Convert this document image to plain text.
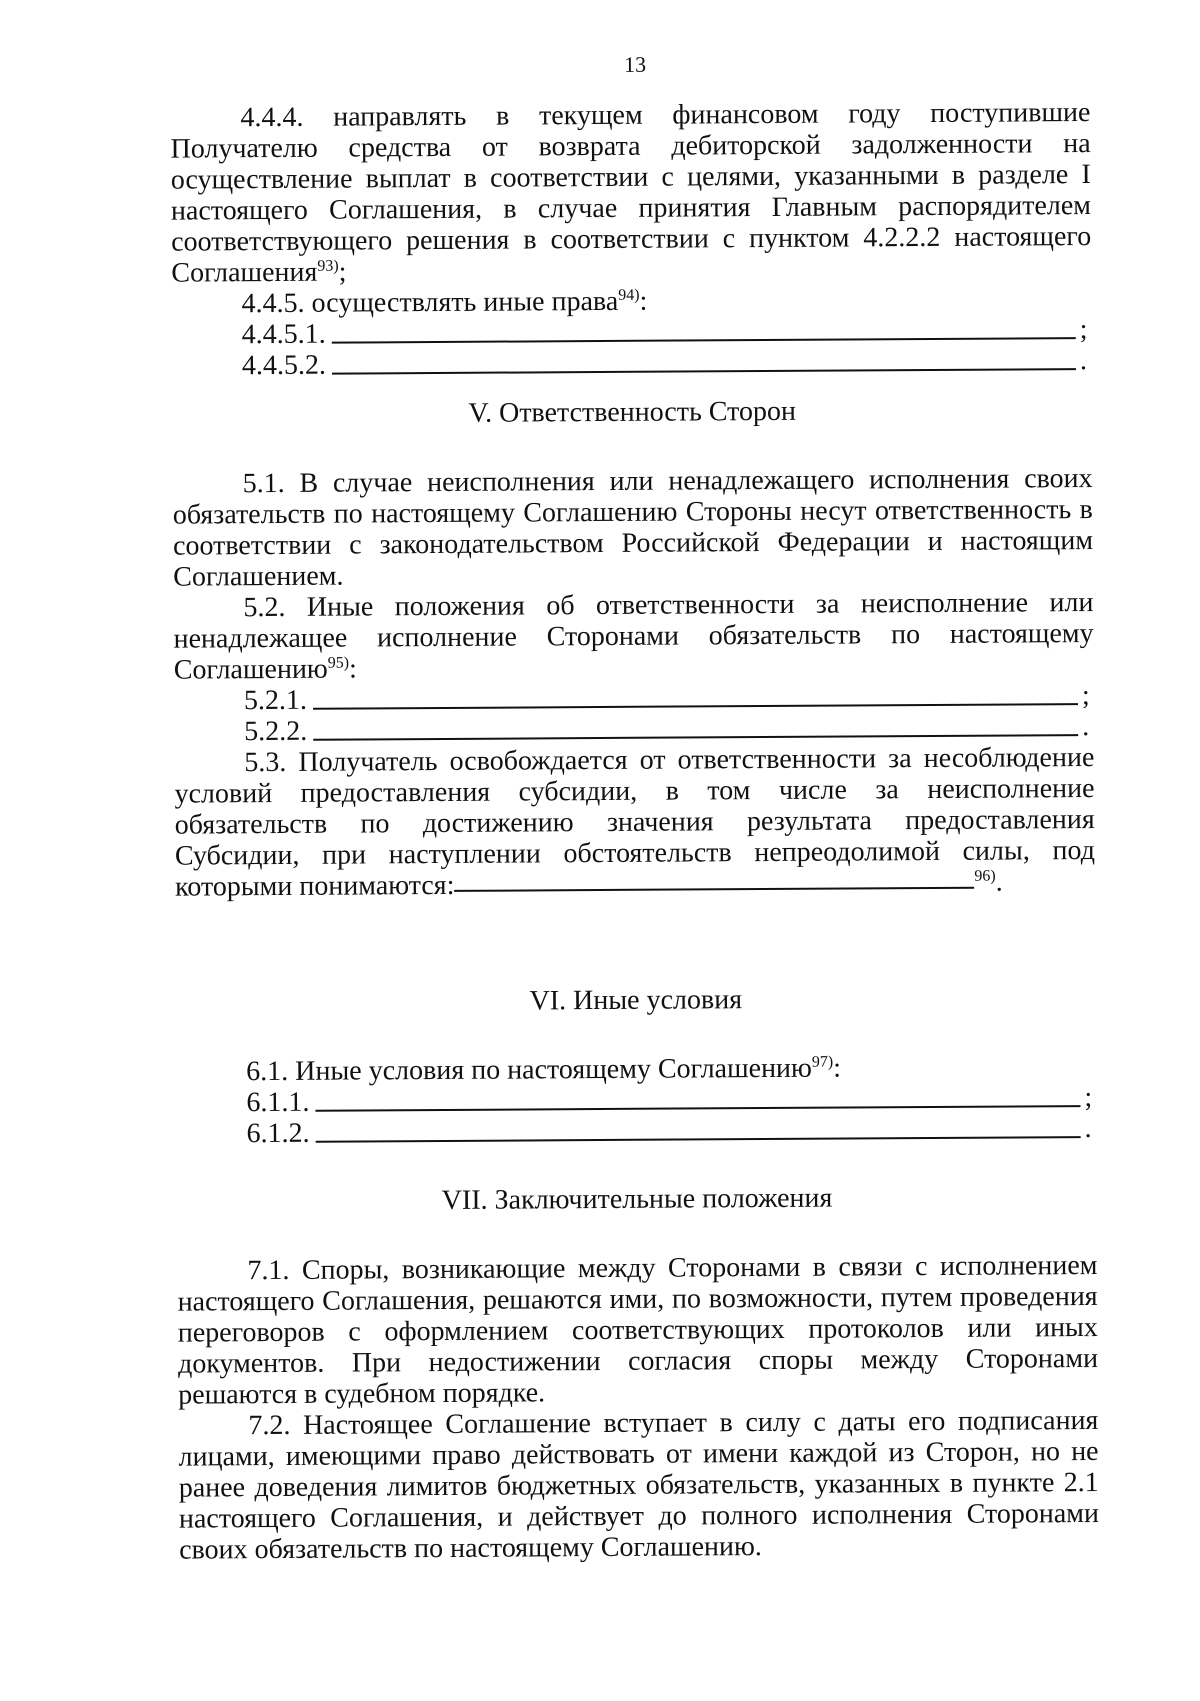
13

4.4.4. направлять в текущем финансовом году поступившие Получателю средства от возврата дебиторской задолженности на осуществление выплат в соответствии с целями, указанными в разделе I настоящего Соглашения, в случае принятия Главным распорядителем соответствующего решения в соответствии с пунктом 4.2.2.2 настоящего Соглашения$^{93)}$;

4.4.5. осуществлять иные права$^{94)}$:

4.4.5.1.	;

4.4.5.2.	.

V. Ответственность Сторон

5.1. В случае неисполнения или ненадлежащего исполнения своих обязательств по настоящему Соглашению Стороны несут ответственность в соответствии с законодательством Российской Федерации и настоящим Соглашением.

5.2. Иные положения об ответственности за неисполнение или ненадлежащее исполнение Сторонами обязательств по настоящему Соглашению$^{95)}$:

5.2.1.	;

5.2.2.	.

5.3. Получатель освобождается от ответственности за несоблюдение условий предоставления субсидии, в том числе за неисполнение обязательств по достижению значения результата предоставления Субсидии, при наступлении обстоятельств непреодолимой силы, под которыми понимаются:	$^{96)}$.

VI. Иные условия

6.1. Иные условия по настоящему Соглашению$^{97)}$:

6.1.1.	;

6.1.2.	.

VII. Заключительные положения

7.1. Споры, возникающие между Сторонами в связи с исполнением настоящего Соглашения, решаются ими, по возможности, путем проведения переговоров с оформлением соответствующих протоколов или иных документов. При недостижении согласия споры между Сторонами решаются в судебном порядке.

7.2. Настоящее Соглашение вступает в силу с даты его подписания лицами, имеющими право действовать от имени каждой из Сторон, но не ранее доведения лимитов бюджетных обязательств, указанных в пункте 2.1 настоящего Соглашения, и действует до полного исполнения Сторонами своих обязательств по настоящему Соглашению.
